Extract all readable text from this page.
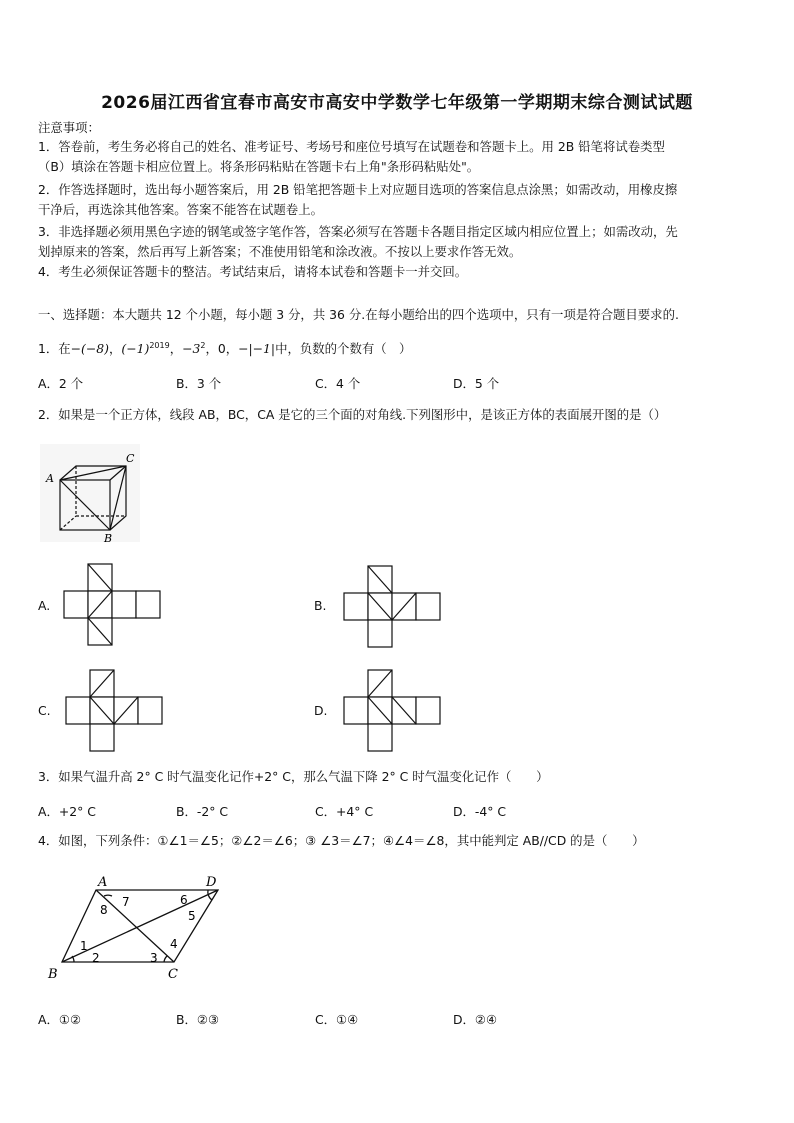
2026届江西省宜春市高安市高安中学数学七年级第一学期期末综合测试试题
注意事项：
1．答卷前，考生务必将自己的姓名、准考证号、考场号和座位号填写在试题卷和答题卡上。用 2B 铅笔将试卷类型
（B）填涂在答题卡相应位置上。将条形码粘贴在答题卡右上角"条形码粘贴处"。
2．作答选择题时，选出每小题答案后，用 2B 铅笔把答题卡上对应题目选项的答案信息点涂黑；如需改动，用橡皮擦
干净后，再选涂其他答案。答案不能答在试题卷上。
3．非选择题必须用黑色字迹的钢笔或签字笔作答，答案必须写在答题卡各题目指定区域内相应位置上；如需改动，先
划掉原来的答案，然后再写上新答案；不准使用铅笔和涂改液。不按以上要求作答无效。
4．考生必须保证答题卡的整洁。考试结束后，请将本试卷和答题卡一并交回。
一、选择题：本大题共 12 个小题，每小题 3 分，共 36 分.在每小题给出的四个选项中，只有一项是符合题目要求的.
1．在−(−8)，$(-1)^{2019}$，$-3^2$，0，−|−1|中，负数的个数有（　）
A．2 个	B．3 个	C．4 个	D．5 个
2．如果是一个正方体，线段 AB，BC，CA 是它的三个面的对角线.下列图形中，是该正方体的表面展开图的是（）
A
B
C
A.	B.
C.	D.
3．如果气温升高 2° C 时气温变化记作+2° C，那么气温下降 2° C 时气温变化记作（　　）
A．+2° C	B．-2° C	C．+4° C	D．-4° C
4．如图，下列条件：①∠1＝∠5；②∠2＝∠6；③ ∠3＝∠7；④∠4＝∠8，其中能判定 AB//CD 的是（　　）
A
B	C
D
1
2	3
4
5
6
7
8
A．①②	B．②③	C．①④	D．②④
